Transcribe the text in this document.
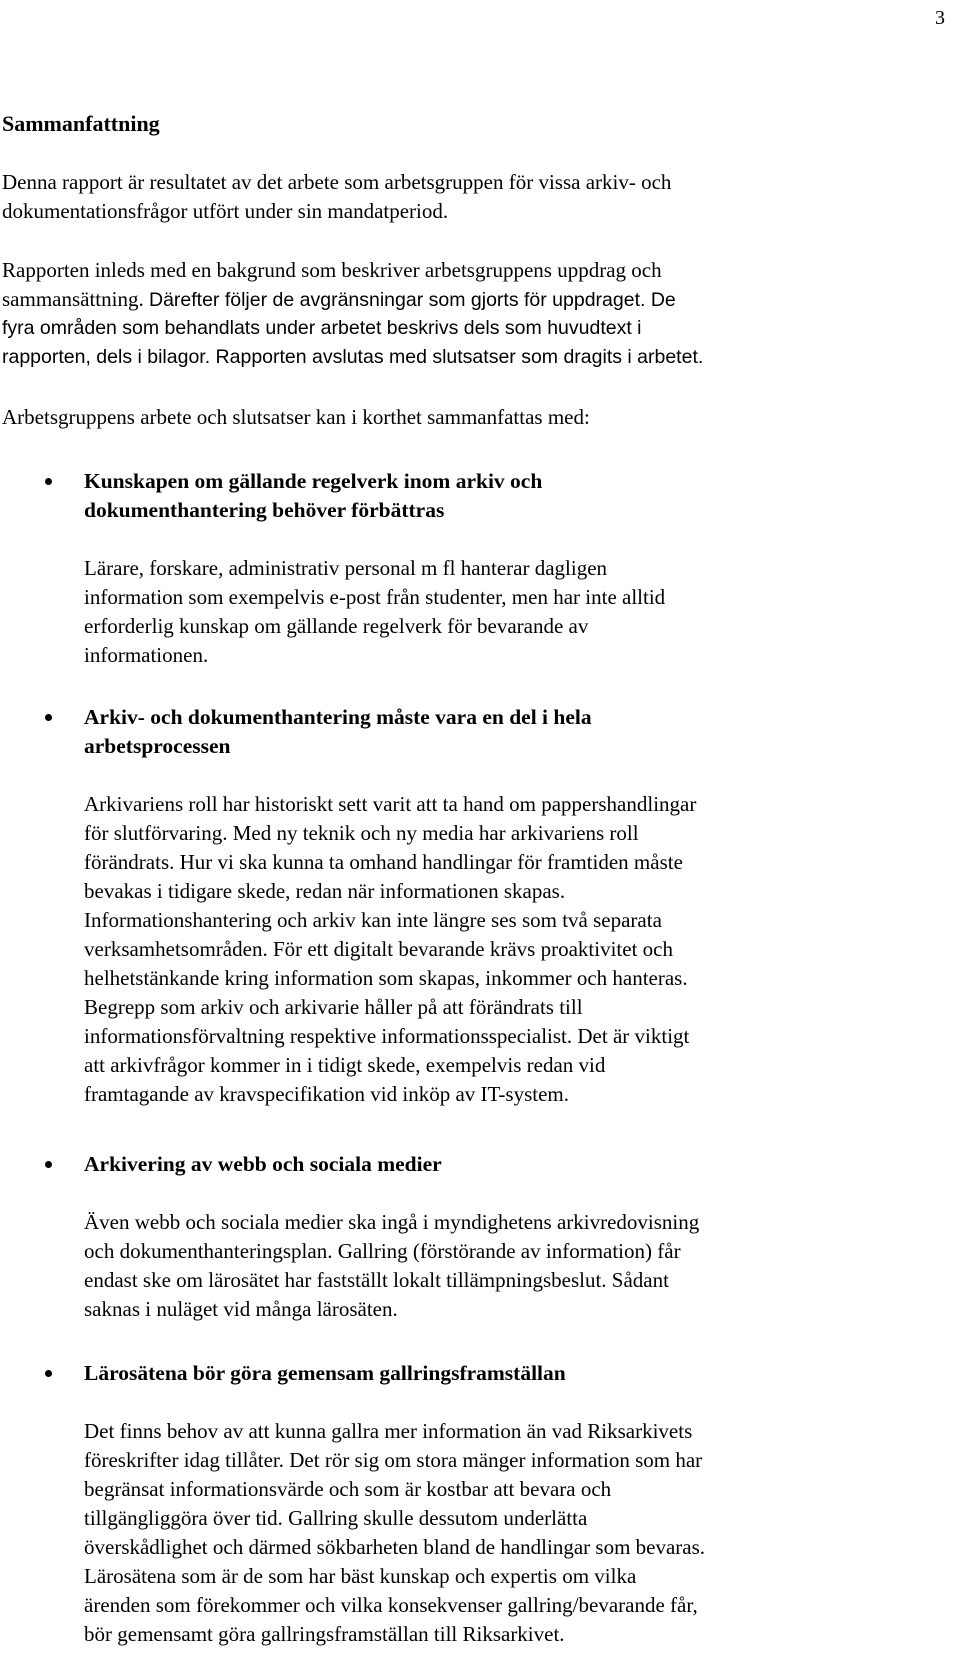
3
Sammanfattning

Denna rapport är resultatet av det arbete som arbetsgruppen för vissa arkiv- och
dokumentationsfrågor utfört under sin mandatperiod.

Rapporten inleds med en bakgrund som beskriver arbetsgruppens uppdrag och
sammansättning. Därefter följer de avgränsningar som gjorts för uppdraget. De
fyra områden som behandlats under arbetet beskrivs dels som huvudtext i
rapporten, dels i bilagor. Rapporten avslutas med slutsatser som dragits i arbetet.

Arbetsgruppens arbete och slutsatser kan i korthet sammanfattas med:

Kunskapen om gällande regelverk inom arkiv och
dokumenthantering behöver förbättras

Lärare, forskare, administrativ personal m fl hanterar dagligen
information som exempelvis e-post från studenter, men har inte alltid
erforderlig kunskap om gällande regelverk för bevarande av
informationen.

Arkiv- och dokumenthantering måste vara en del i hela
arbetsprocessen

Arkivariens roll har historiskt sett varit att ta hand om pappershandlingar
för slutförvaring. Med ny teknik och ny media har arkivariens roll
förändrats. Hur vi ska kunna ta omhand handlingar för framtiden måste
bevakas i tidigare skede, redan när informationen skapas.
Informationshantering och arkiv kan inte längre ses som två separata
verksamhetsområden. För ett digitalt bevarande krävs proaktivitet och
helhetstänkande kring information som skapas, inkommer och hanteras.
Begrepp som arkiv och arkivarie håller på att förändrats till
informationsförvaltning respektive informationsspecialist. Det är viktigt
att arkivfrågor kommer in i tidigt skede, exempelvis redan vid
framtagande av kravspecifikation vid inköp av IT-system.

Arkivering av webb och sociala medier

Även webb och sociala medier ska ingå i myndighetens arkivredovisning
och dokumenthanteringsplan. Gallring (förstörande av information) får
endast ske om lärosätet har fastställt lokalt tillämpningsbeslut. Sådant
saknas i nuläget vid många lärosäten.

Lärosätena bör göra gemensam gallringsframställan

Det finns behov av att kunna gallra mer information än vad Riksarkivets
föreskrifter idag tillåter. Det rör sig om stora mänger information som har
begränsat informationsvärde och som är kostbar att bevara och
tillgängliggöra över tid. Gallring skulle dessutom underlätta
överskådlighet och därmed sökbarheten bland de handlingar som bevaras.
Lärosätena som är de som har bäst kunskap och expertis om vilka
ärenden som förekommer och vilka konsekvenser gallring/bevarande får,
bör gemensamt göra gallringsframställan till Riksarkivet.
